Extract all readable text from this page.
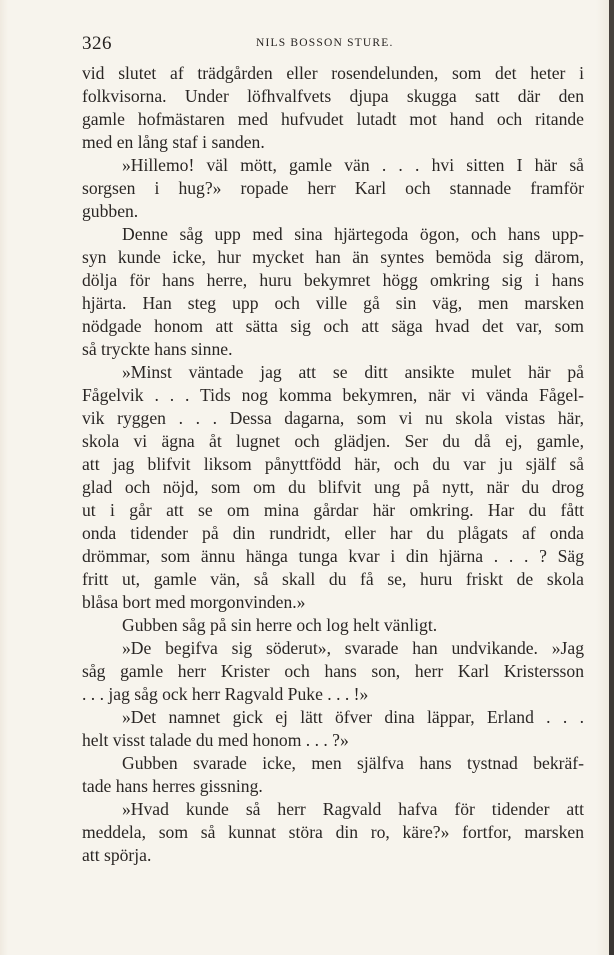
326	NILS BOSSON STURE.
vid slutet af trädgården eller rosendelunden, som det heter i
folkvisorna. Under löfhvalfvets djupa skugga satt där den
gamle hofmästaren med hufvudet lutadt mot hand och ritande
med en lång staf i sanden.
»Hillemo! väl mött, gamle vän . . . hvi sitten I här så
sorgsen i hug?» ropade herr Karl och stannade framför
gubben.
Denne såg upp med sina hjärtegoda ögon, och hans upp-
syn kunde icke, hur mycket han än syntes bemöda sig därom,
dölja för hans herre, huru bekymret högg omkring sig i hans
hjärta. Han steg upp och ville gå sin väg, men marsken
nödgade honom att sätta sig och att säga hvad det var, som
så tryckte hans sinne.
»Minst väntade jag att se ditt ansikte mulet här på
Fågelvik . . . Tids nog komma bekymren, när vi vända Fågel-
vik ryggen . . . Dessa dagarna, som vi nu skola vistas här,
skola vi ägna åt lugnet och glädjen. Ser du då ej, gamle,
att jag blifvit liksom pånyttfödd här, och du var ju själf så
glad och nöjd, som om du blifvit ung på nytt, när du drog
ut i går att se om mina gårdar här omkring. Har du fått
onda tidender på din rundridt, eller har du plågats af onda
drömmar, som ännu hänga tunga kvar i din hjärna . . . ? Säg
fritt ut, gamle vän, så skall du få se, huru friskt de skola
blåsa bort med morgonvinden.»
Gubben såg på sin herre och log helt vänligt.
»De begifva sig söderut», svarade han undvikande. »Jag
såg gamle herr Krister och hans son, herr Karl Kristersson
. . . jag såg ock herr Ragvald Puke . . . !»
»Det namnet gick ej lätt öfver dina läppar, Erland . . .
helt visst talade du med honom . . . ?»
Gubben svarade icke, men själfva hans tystnad bekräf-
tade hans herres gissning.
»Hvad kunde så herr Ragvald hafva för tidender att
meddela, som så kunnat störa din ro, käre?» fortfor, marsken
att spörja.
